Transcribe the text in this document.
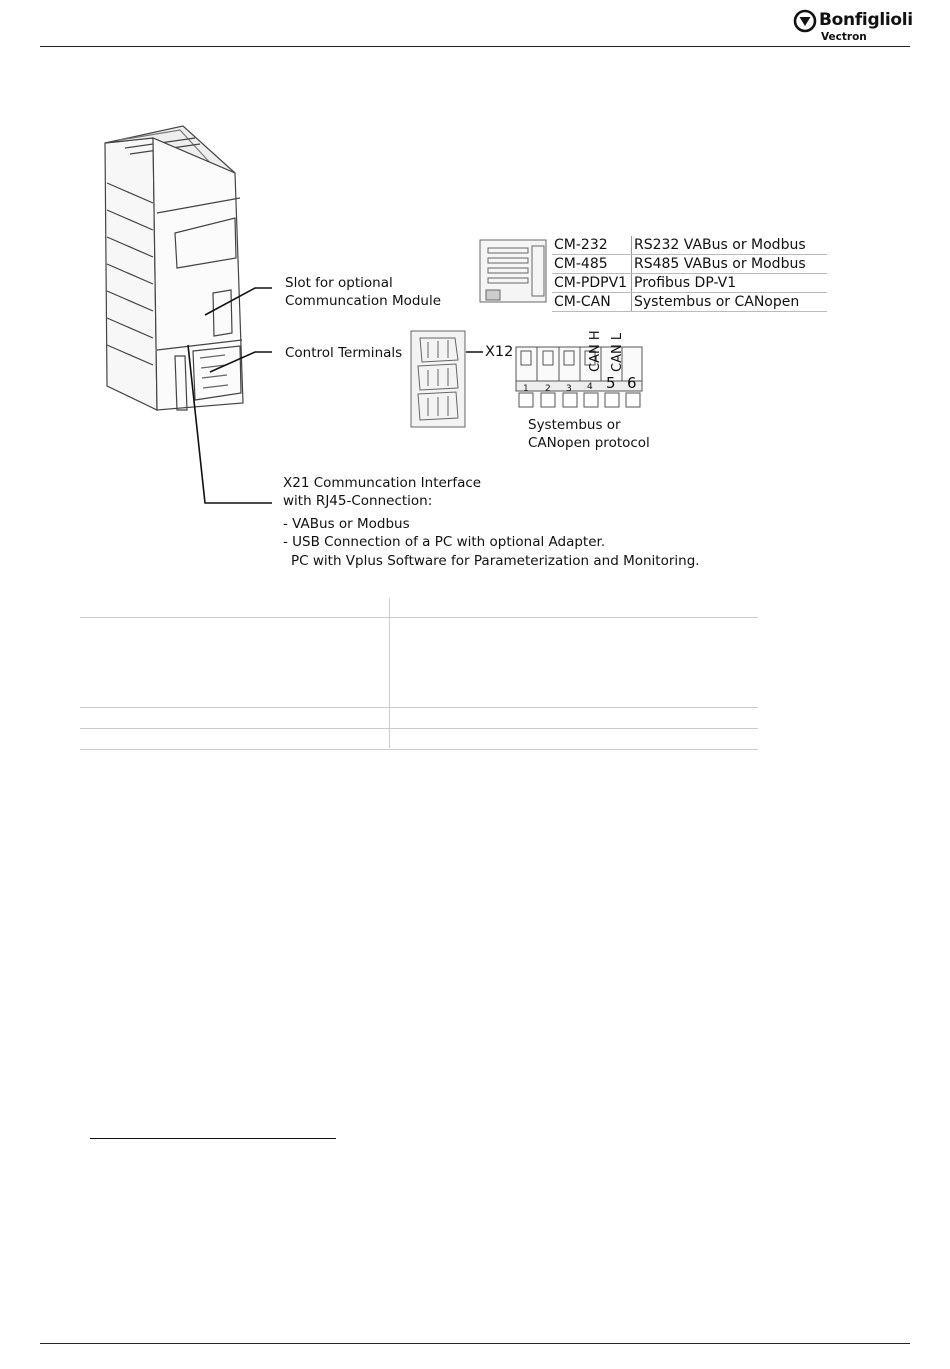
Bonfiglioli
Vectron
CM-232	RS232 VABus or Modbus
CM-485	RS485 VABus or Modbus
CM-PDPV1	Profibus DP-V1
CM-CAN	Systembus or CANopen
Slot for optional
Communcation Module
Control Terminals	X12	CAN H CAN L
1 2 3 4 5 6
Systembus or
CANopen protocol
X21 Communcation Interface
with RJ45-Connection:
- VABus or Modbus
- USB Connection of a PC with optional Adapter.
PC with Vplus Software for Parameterization and Monitoring.
